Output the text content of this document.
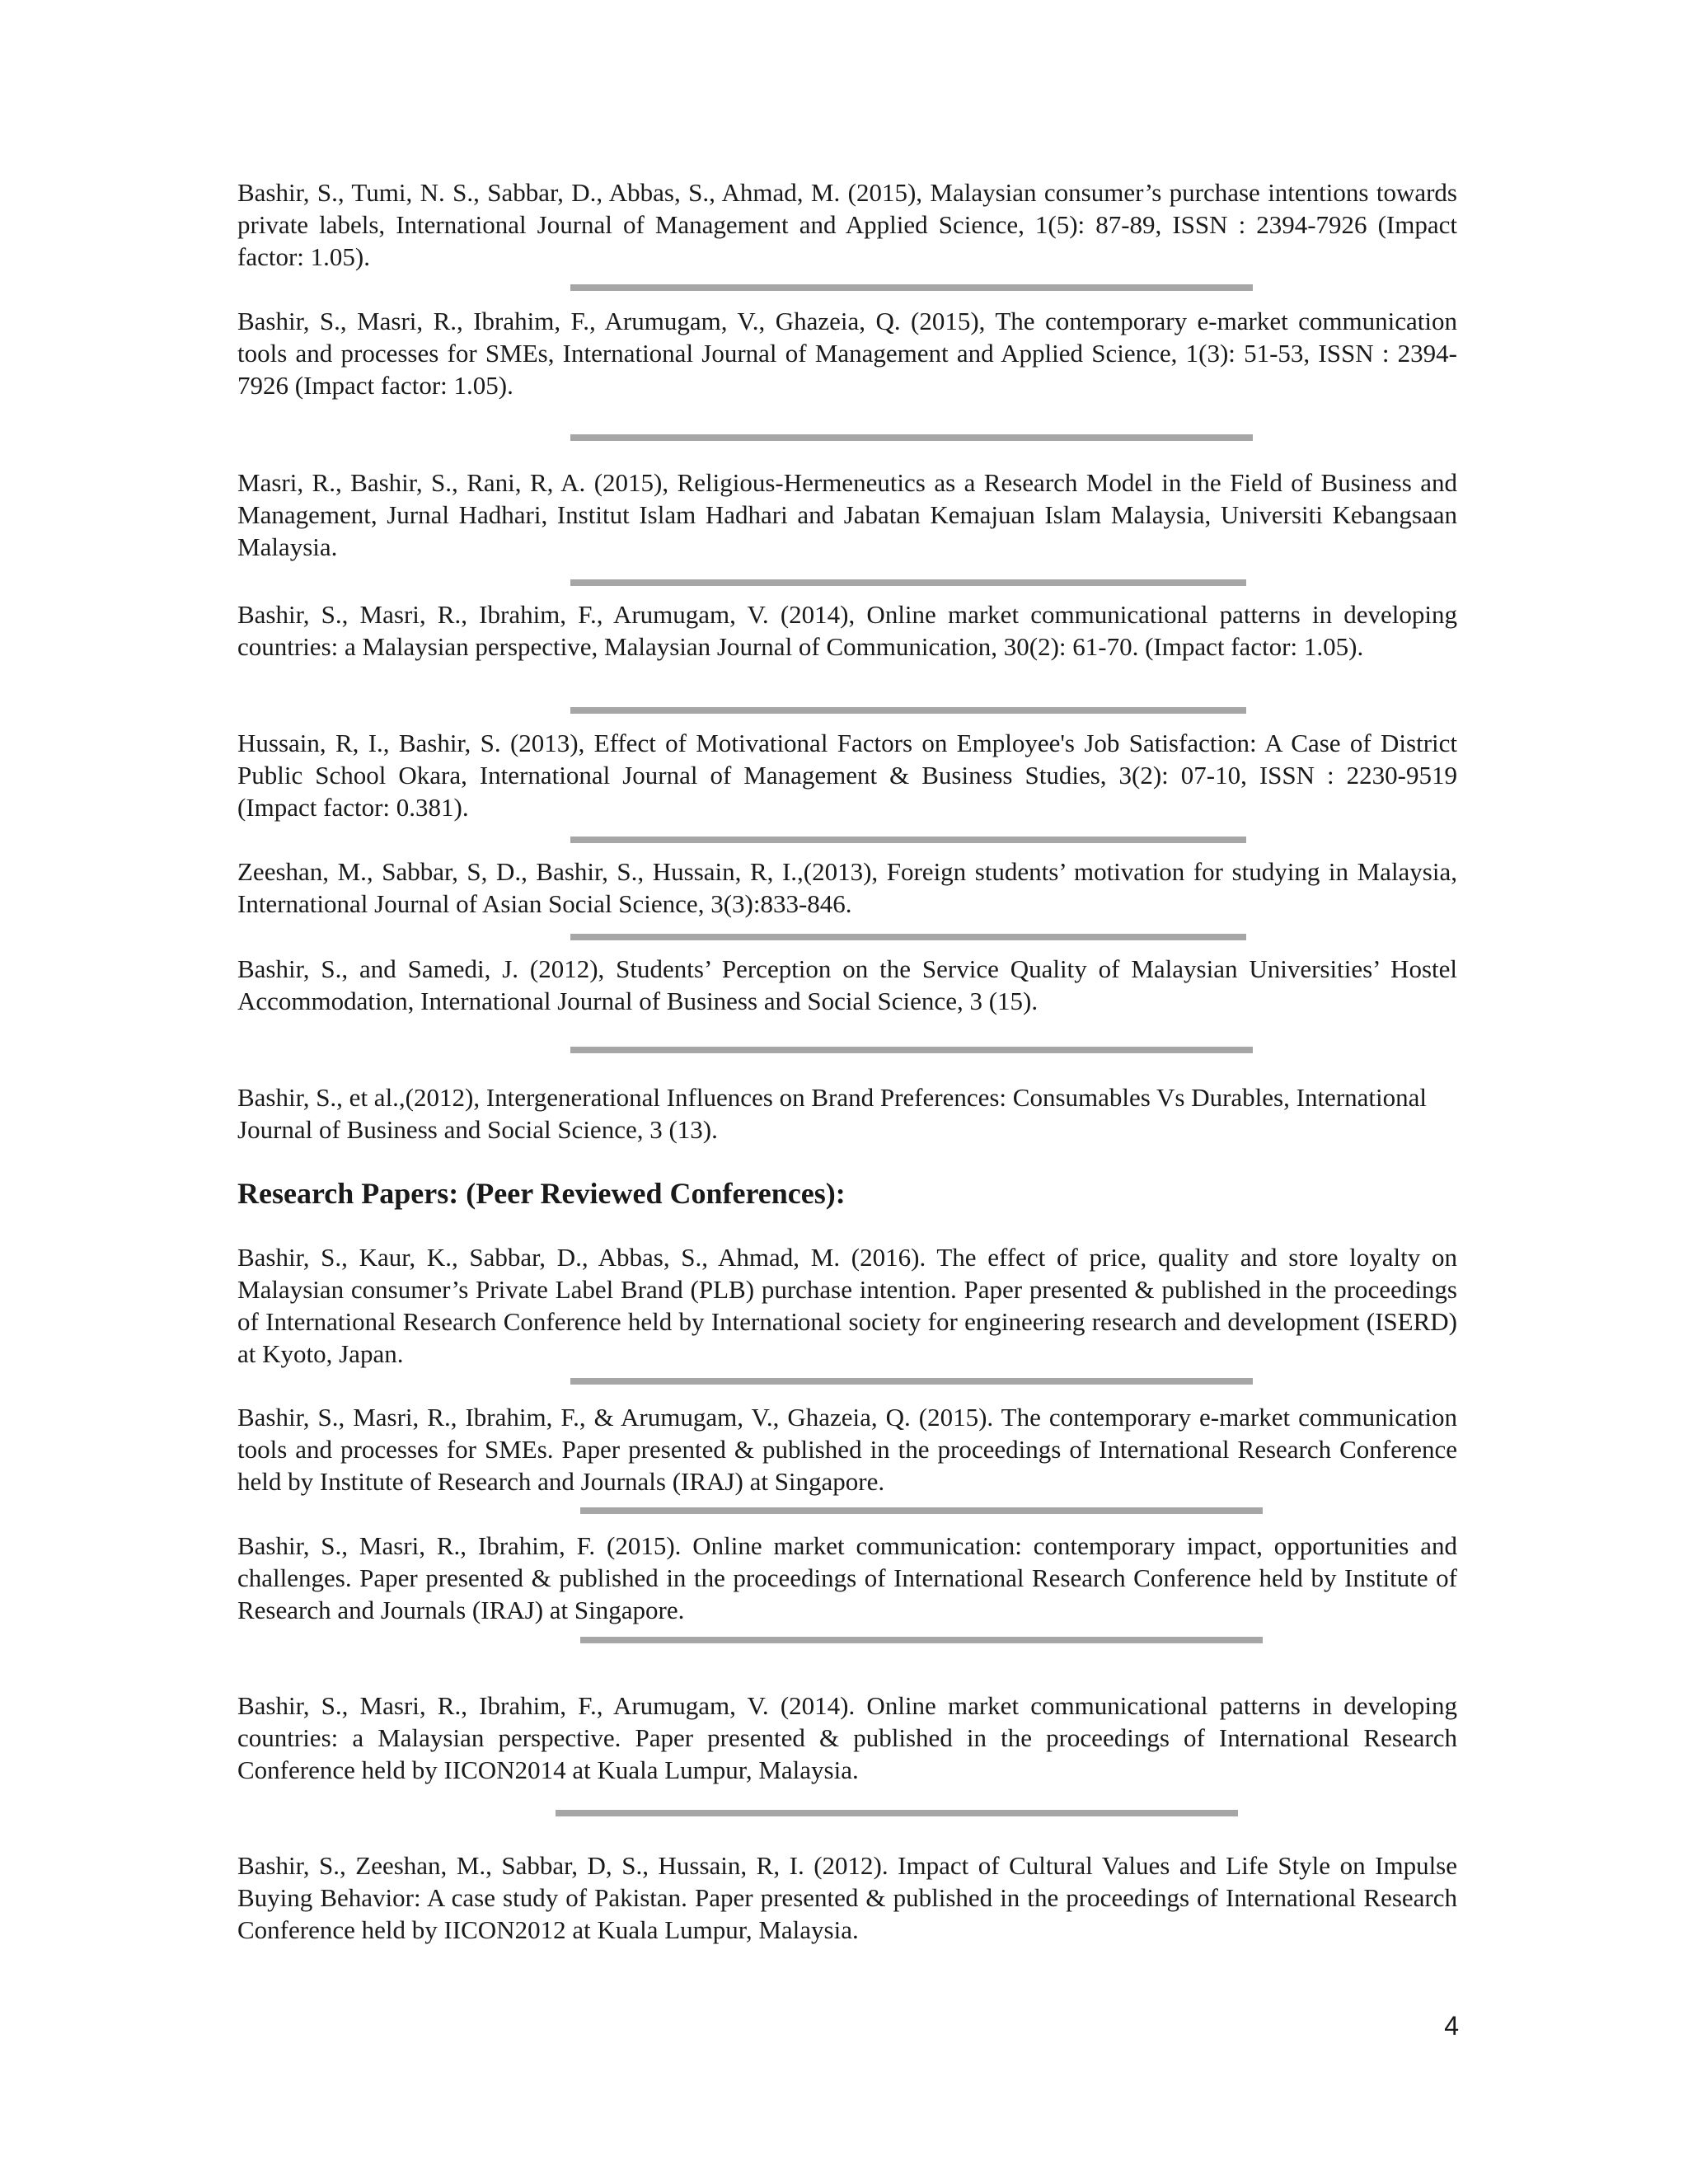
Bashir, S., Tumi, N. S., Sabbar, D., Abbas, S., Ahmad, M. (2015), Malaysian consumer’s purchase intentions towards private labels, International Journal of Management and Applied Science, 1(5): 87-89, ISSN : 2394-7926 (Impact factor: 1.05).

Bashir, S., Masri, R., Ibrahim, F., Arumugam, V., Ghazeia, Q. (2015), The contemporary e-market communication tools and processes for SMEs, International Journal of Management and Applied Science, 1(3): 51-53, ISSN : 2394-7926 (Impact factor: 1.05).

Masri, R., Bashir, S., Rani, R, A. (2015), Religious-Hermeneutics as a Research Model in the Field of Business and Management, Jurnal Hadhari, Institut Islam Hadhari and Jabatan Kemajuan Islam Malaysia, Universiti Kebangsaan Malaysia.

Bashir, S., Masri, R., Ibrahim, F., Arumugam, V. (2014), Online market communicational patterns in developing countries: a Malaysian perspective, Malaysian Journal of Communication, 30(2): 61-70. (Impact factor: 1.05).

Hussain, R, I., Bashir, S. (2013), Effect of Motivational Factors on Employee's Job Satisfaction: A Case of District Public School Okara, International Journal of Management & Business Studies, 3(2): 07-10, ISSN : 2230-9519 (Impact factor: 0.381).

Zeeshan, M., Sabbar, S, D., Bashir, S., Hussain, R, I.,(2013), Foreign students’ motivation for studying in Malaysia, International Journal of Asian Social Science, 3(3):833-846.

Bashir, S., and Samedi, J. (2012), Students’ Perception on the Service Quality of Malaysian Universities’ Hostel Accommodation, International Journal of Business and Social Science, 3 (15).

Bashir, S., et al.,(2012), Intergenerational Influences on Brand Preferences: Consumables Vs Durables, International Journal of Business and Social Science, 3 (13).

Research Papers: (Peer Reviewed Conferences):

Bashir, S., Kaur, K., Sabbar, D., Abbas, S., Ahmad, M. (2016). The effect of price, quality and store loyalty on Malaysian consumer’s Private Label Brand (PLB) purchase intention. Paper presented & published in the proceedings of International Research Conference held by International society for engineering research and development (ISERD) at Kyoto, Japan.

Bashir, S., Masri, R., Ibrahim, F., & Arumugam, V., Ghazeia, Q. (2015). The contemporary e-market communication tools and processes for SMEs. Paper presented & published in the proceedings of International Research Conference held by Institute of Research and Journals (IRAJ) at Singapore.

Bashir, S., Masri, R., Ibrahim, F. (2015). Online market communication: contemporary impact, opportunities and challenges. Paper presented & published in the proceedings of International Research Conference held by Institute of Research and Journals (IRAJ) at Singapore.

Bashir, S., Masri, R., Ibrahim, F., Arumugam, V. (2014). Online market communicational patterns in developing countries: a Malaysian perspective. Paper presented & published in the proceedings of International Research Conference held by IICON2014 at Kuala Lumpur, Malaysia.

Bashir, S., Zeeshan, M., Sabbar, D, S., Hussain, R, I. (2012). Impact of Cultural Values and Life Style on Impulse Buying Behavior: A case study of Pakistan. Paper presented & published in the proceedings of International Research Conference held by IICON2012 at Kuala Lumpur, Malaysia.

4
